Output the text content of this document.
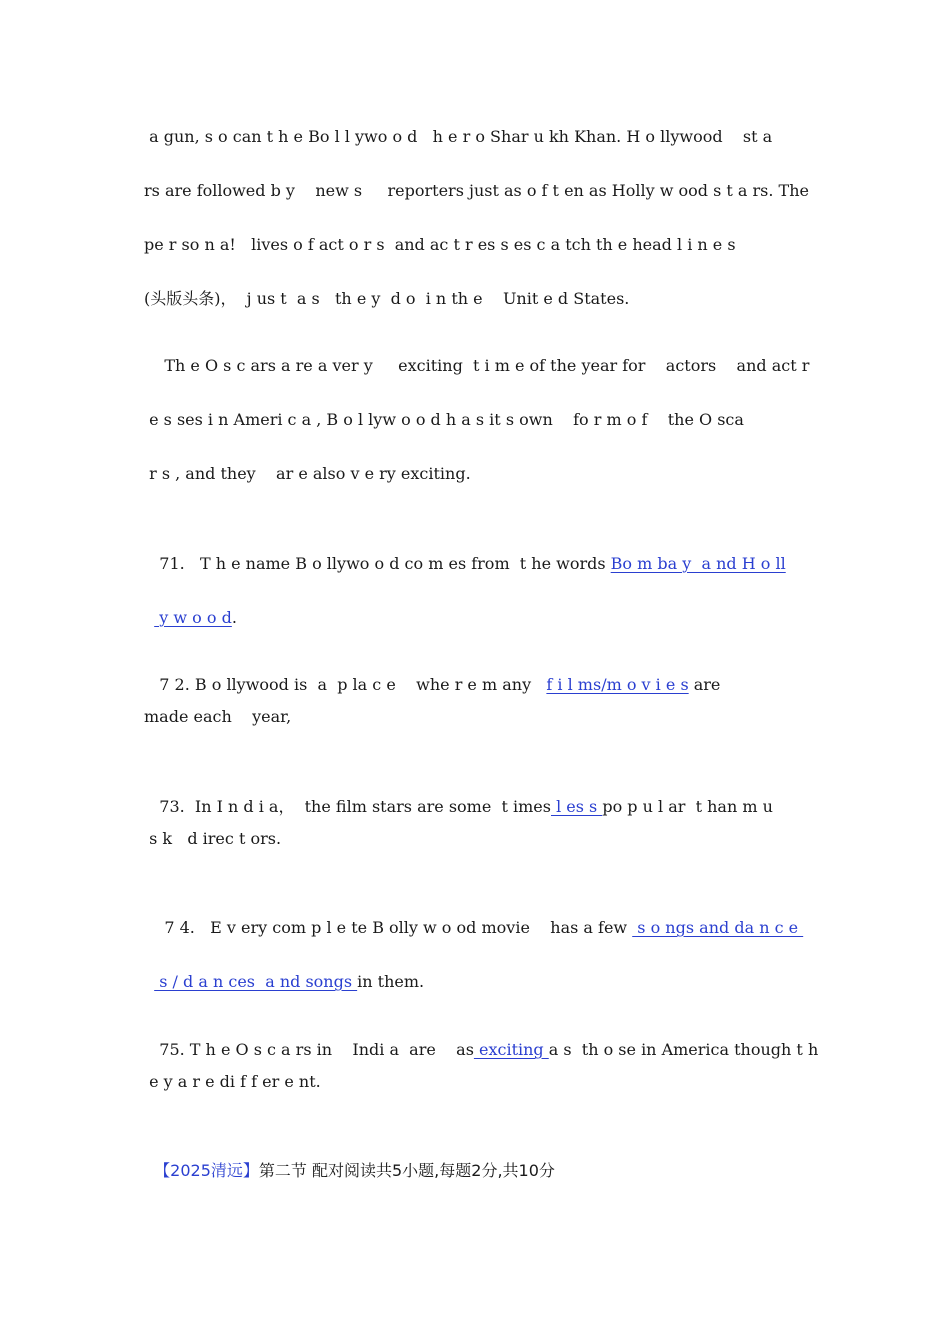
a gun, s o can t h e Bo l l ywo o d   h e r o Shar u kh Khan. H o llywood    st a
rs are followed b y    new s     reporters just as o f t en as Holly w ood s t a rs. The
pe r so n a!   lives o f act o r s  and ac t r es s es c a tch th e head l i n e s
(头版头条)，  j us t  a s   th e y  d o  i n th e    Unit e d States.
Th e O s c ars a re a ver y     exciting  t i m e of the year for    actors    and act r
e s ses i n Ameri c a , B o l lyw o o d h a s it s own    fo r m o f    the O sca
r s , and they    ar e also v e ry exciting.

71.   T h e name B o llywo o d co m es from  t he words Bo m ba y  a nd H o ll

y w o o d.

7 2. B o llywood is  a  p la c e    whe r e m any   f i l ms/m o v i e s are

made each    year,

73.  In I n d i a，  the film stars are some  t imes l es s po p u l ar  t han m u

s k   d irec t ors.

7 4.   E v ery com p l e te B olly w o od movie    has a few  s o ngs and da n c e

s / d a n ces  a nd songs in them.

75. T h e O s c a rs in    Indi a  are    as exciting a s  th o se in America though t h

e y a r e di f f er e nt.

【2025清远】第二节 配对阅读共5小题,每题2分,共10分
